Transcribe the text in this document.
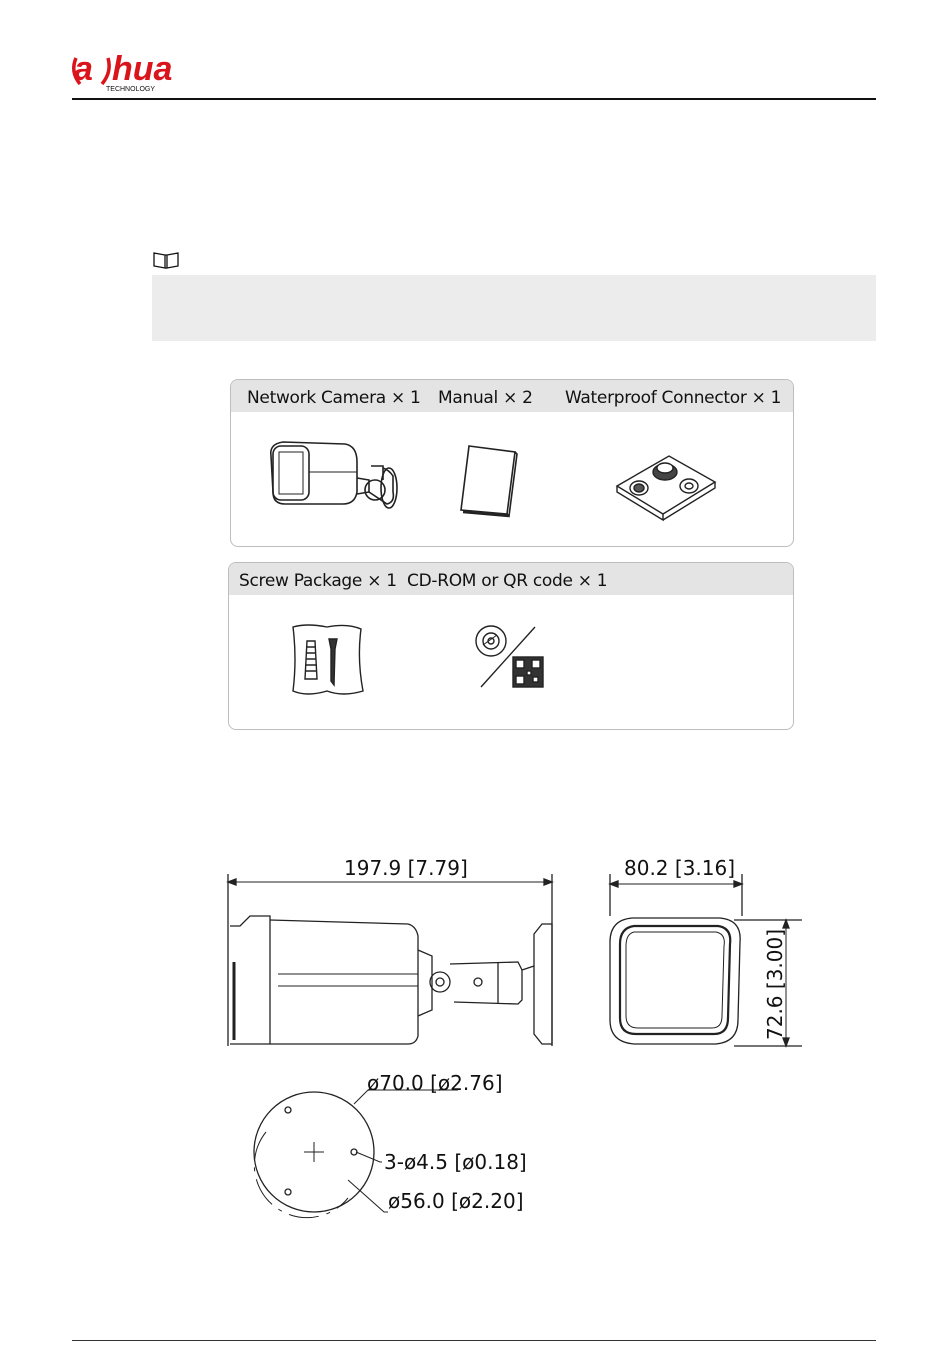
a hua
TECHNOLOGY
Network Camera × 1 Manual × 2 Waterproof Connector × 1
Screw Package × 1 CD-ROM or QR code × 1
197.9 [7.79]	80.2 [3.16]
72.6 [3.00]
ø70.0 [ø2.76]
3-ø4.5 [ø0.18]
ø56.0 [ø2.20]
